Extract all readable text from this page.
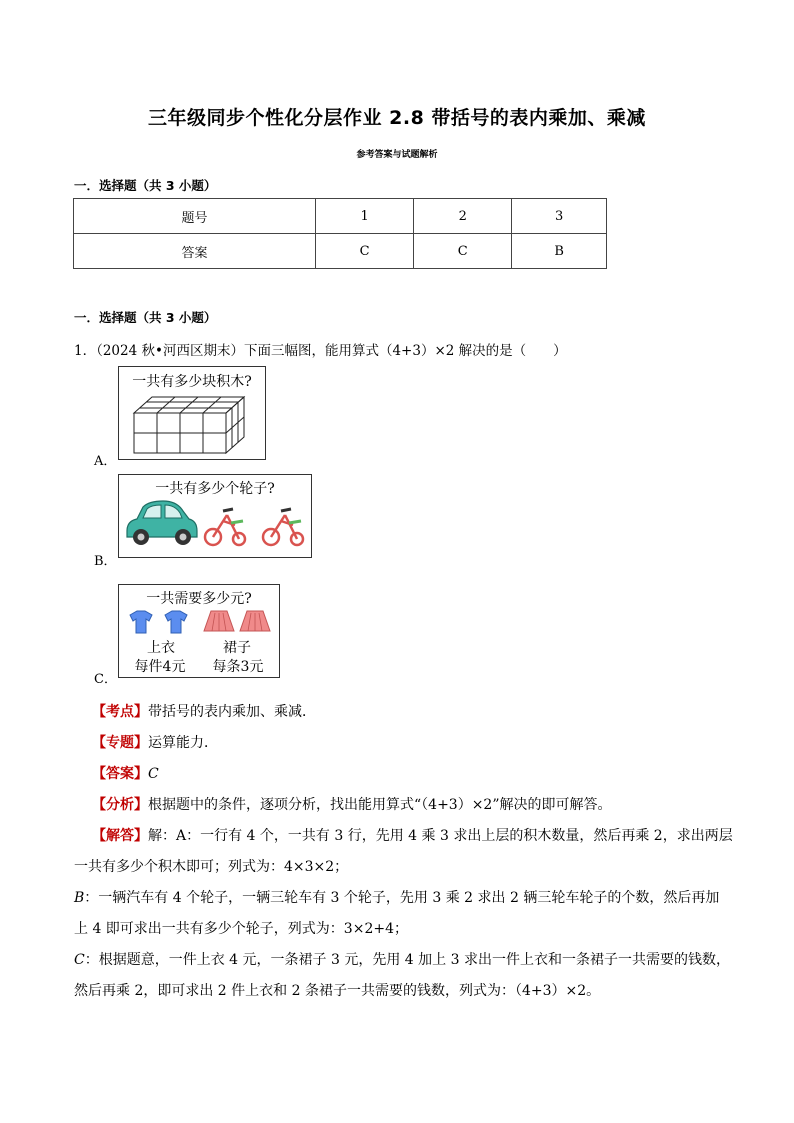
三年级同步个性化分层作业 2.8 带括号的表内乘加、乘减
参考答案与试题解析
一．选择题（共 3 小题）
题号	1	2	3
答案	C	C	B
一．选择题（共 3 小题）
1．（2024 秋•河西区期末）下面三幅图，能用算式（4+3）×2 解决的是（　　）
一共有多少块积木?
A．
一共有多少个轮子?
B．
一共需要多少元?
上衣	裙子
每件4元	每条3元
C．
【考点】带括号的表内乘加、乘减．
【专题】运算能力．
【答案】C
【分析】根据题中的条件，逐项分析，找出能用算式“（4+3）×2”解决的即可解答。
【解答】解：A：一行有 4 个，一共有 3 行，先用 4 乘 3 求出上层的积木数量，然后再乘 2，求出两层
一共有多少个积木即可；列式为：4×3×2；
B：一辆汽车有 4 个轮子，一辆三轮车有 3 个轮子，先用 3 乘 2 求出 2 辆三轮车轮子的个数，然后再加
上 4 即可求出一共有多少个轮子，列式为：3×2+4；
C：根据题意，一件上衣 4 元，一条裙子 3 元，先用 4 加上 3 求出一件上衣和一条裙子一共需要的钱数，
然后再乘 2，即可求出 2 件上衣和 2 条裙子一共需要的钱数，列式为：（4+3）×2。
